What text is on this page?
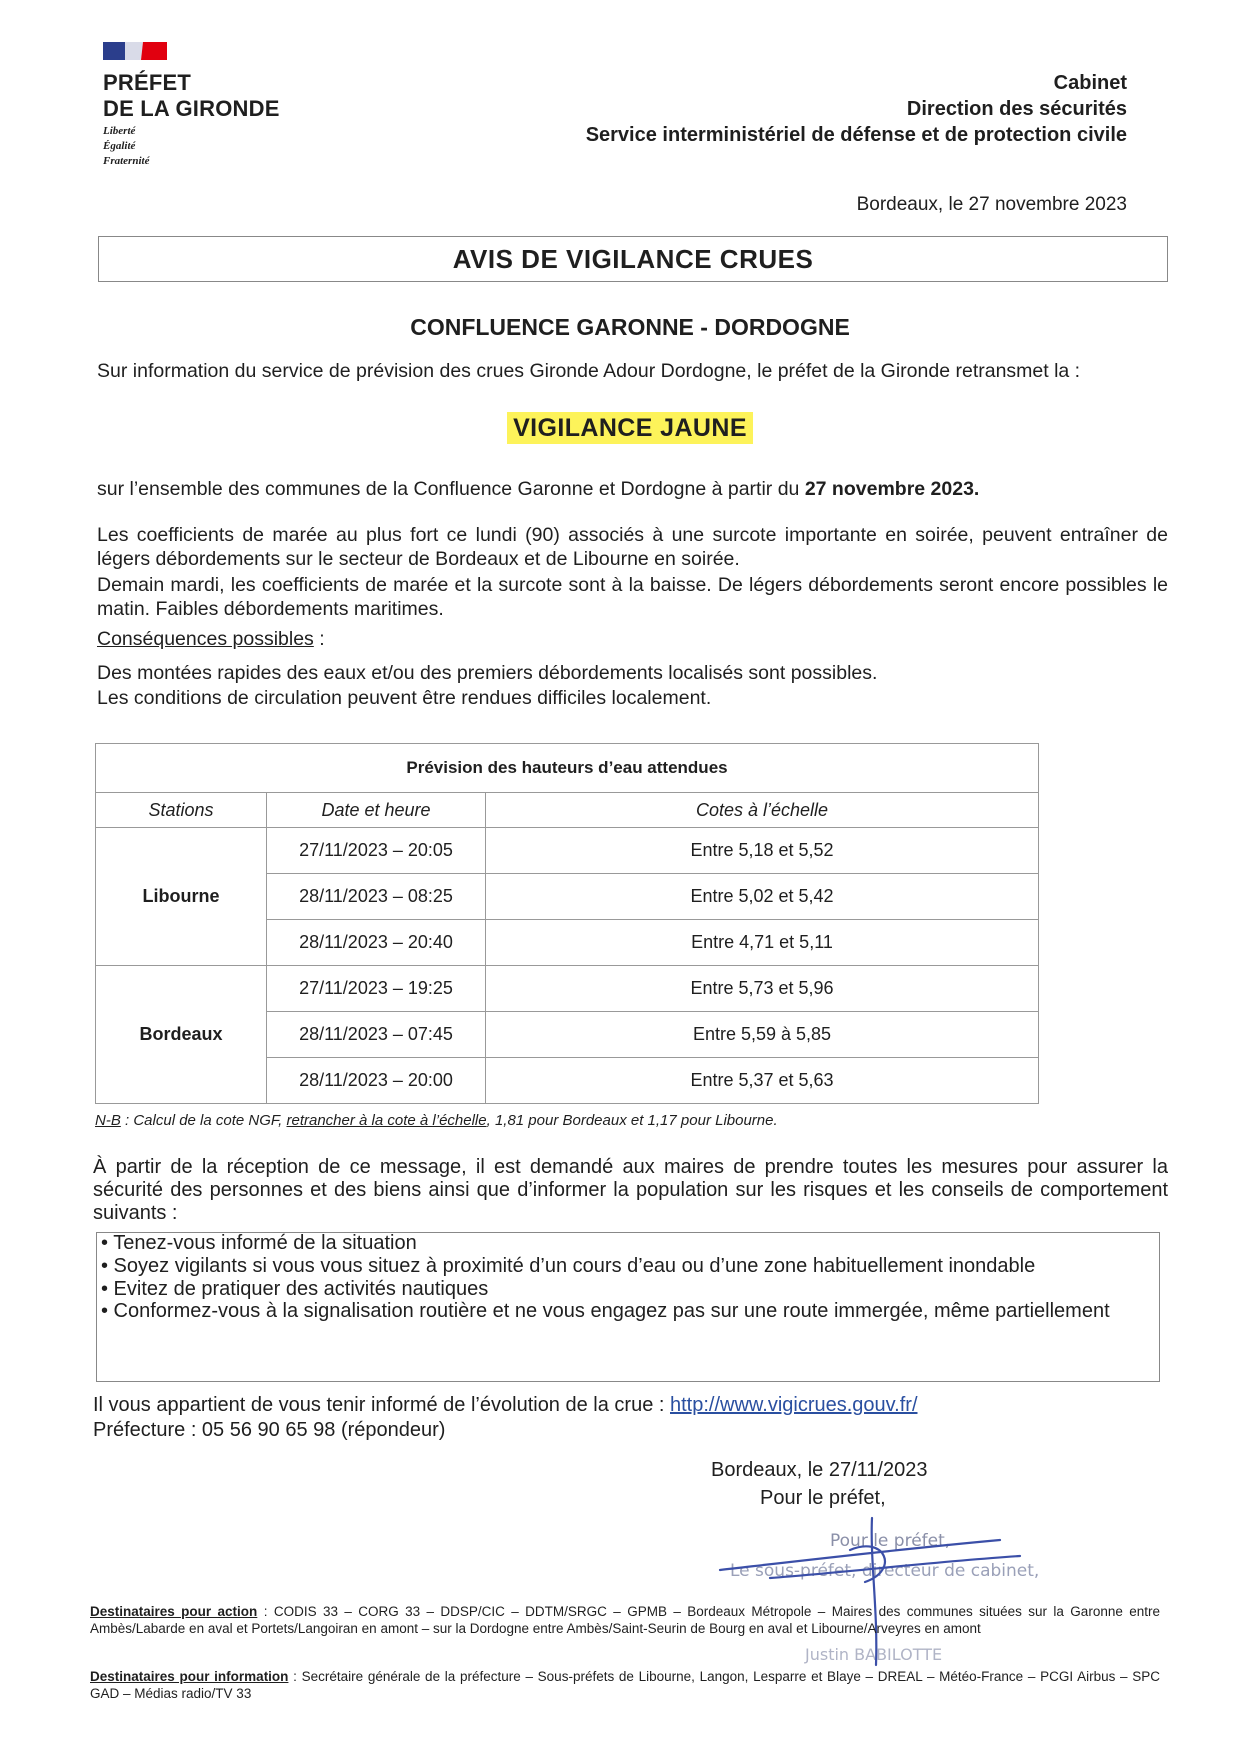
PRÉFET
DE LA GIRONDE
Liberté
Égalité
Fraternité
Cabinet
Direction des sécurités
Service interministériel de défense et de protection civile
Bordeaux, le 27 novembre 2023
AVIS DE VIGILANCE CRUES
CONFLUENCE GARONNE - DORDOGNE
Sur information du service de prévision des crues Gironde Adour Dordogne, le préfet de la Gironde retransmet la :
VIGILANCE JAUNE
sur l’ensemble des communes de la Confluence Garonne et Dordogne à partir du 27 novembre 2023.
Les coefficients de marée au plus fort ce lundi (90) associés à une surcote importante en soirée, peuvent entraîner de légers débordements sur le secteur de Bordeaux et de Libourne en soirée.
Demain mardi, les coefficients de marée et la surcote sont à la baisse. De légers débordements seront encore possibles le matin. Faibles débordements maritimes.
Conséquences possibles :
Des montées rapides des eaux et/ou des premiers débordements localisés sont possibles.
Les conditions de circulation peuvent être rendues difficiles localement.
Prévision des hauteurs d’eau attendues		
Stations	Date et heure	Cotes à l’échelle
Libourne	27/11/2023 – 20:05	Entre 5,18 et 5,52
	28/11/2023 – 08:25	Entre 5,02 et 5,42
	28/11/2023 – 20:40	Entre 4,71 et 5,11
Bordeaux	27/11/2023 – 19:25	Entre 5,73 et 5,96
	28/11/2023 – 07:45	Entre 5,59 à 5,85
	28/11/2023 – 20:00	Entre 5,37 et 5,63
N-B : Calcul de la cote NGF, retrancher à la cote à l’échelle, 1,81 pour Bordeaux et 1,17 pour Libourne.
À partir de la réception de ce message, il est demandé aux maires de prendre toutes les mesures pour assurer la sécurité des personnes et des biens ainsi que d’informer la population sur les risques et les conseils de comportement suivants :
• Tenez-vous informé de la situation
• Soyez vigilants si vous vous situez à proximité d’un cours d’eau ou d’une zone habituellement inondable
• Evitez de pratiquer des activités nautiques
• Conformez-vous à la signalisation routière et ne vous engagez pas sur une route immergée, même partiellement
Il vous appartient de vous tenir informé de l’évolution de la crue : http://www.vigicrues.gouv.fr/
Préfecture : 05 56 90 65 98 (répondeur)
Bordeaux, le 27/11/2023
Pour le préfet,
Pour le préfet,
Le sous-préfet, directeur de cabinet,
Justin BABILOTTE
Destinataires pour action : CODIS 33 – CORG 33 – DDSP/CIC – DDTM/SRGC – GPMB – Bordeaux Métropole – Maires des communes situées sur la Garonne entre Ambès/Labarde en aval et Portets/Langoiran en amont – sur la Dordogne entre Ambès/Saint-Seurin de Bourg en aval et Libourne/Arveyres en amont
Destinataires pour information : Secrétaire générale de la préfecture – Sous-préfets de Libourne, Langon, Lesparre et Blaye – DREAL – Météo-France – PCGI Airbus – SPC GAD – Médias radio/TV 33
